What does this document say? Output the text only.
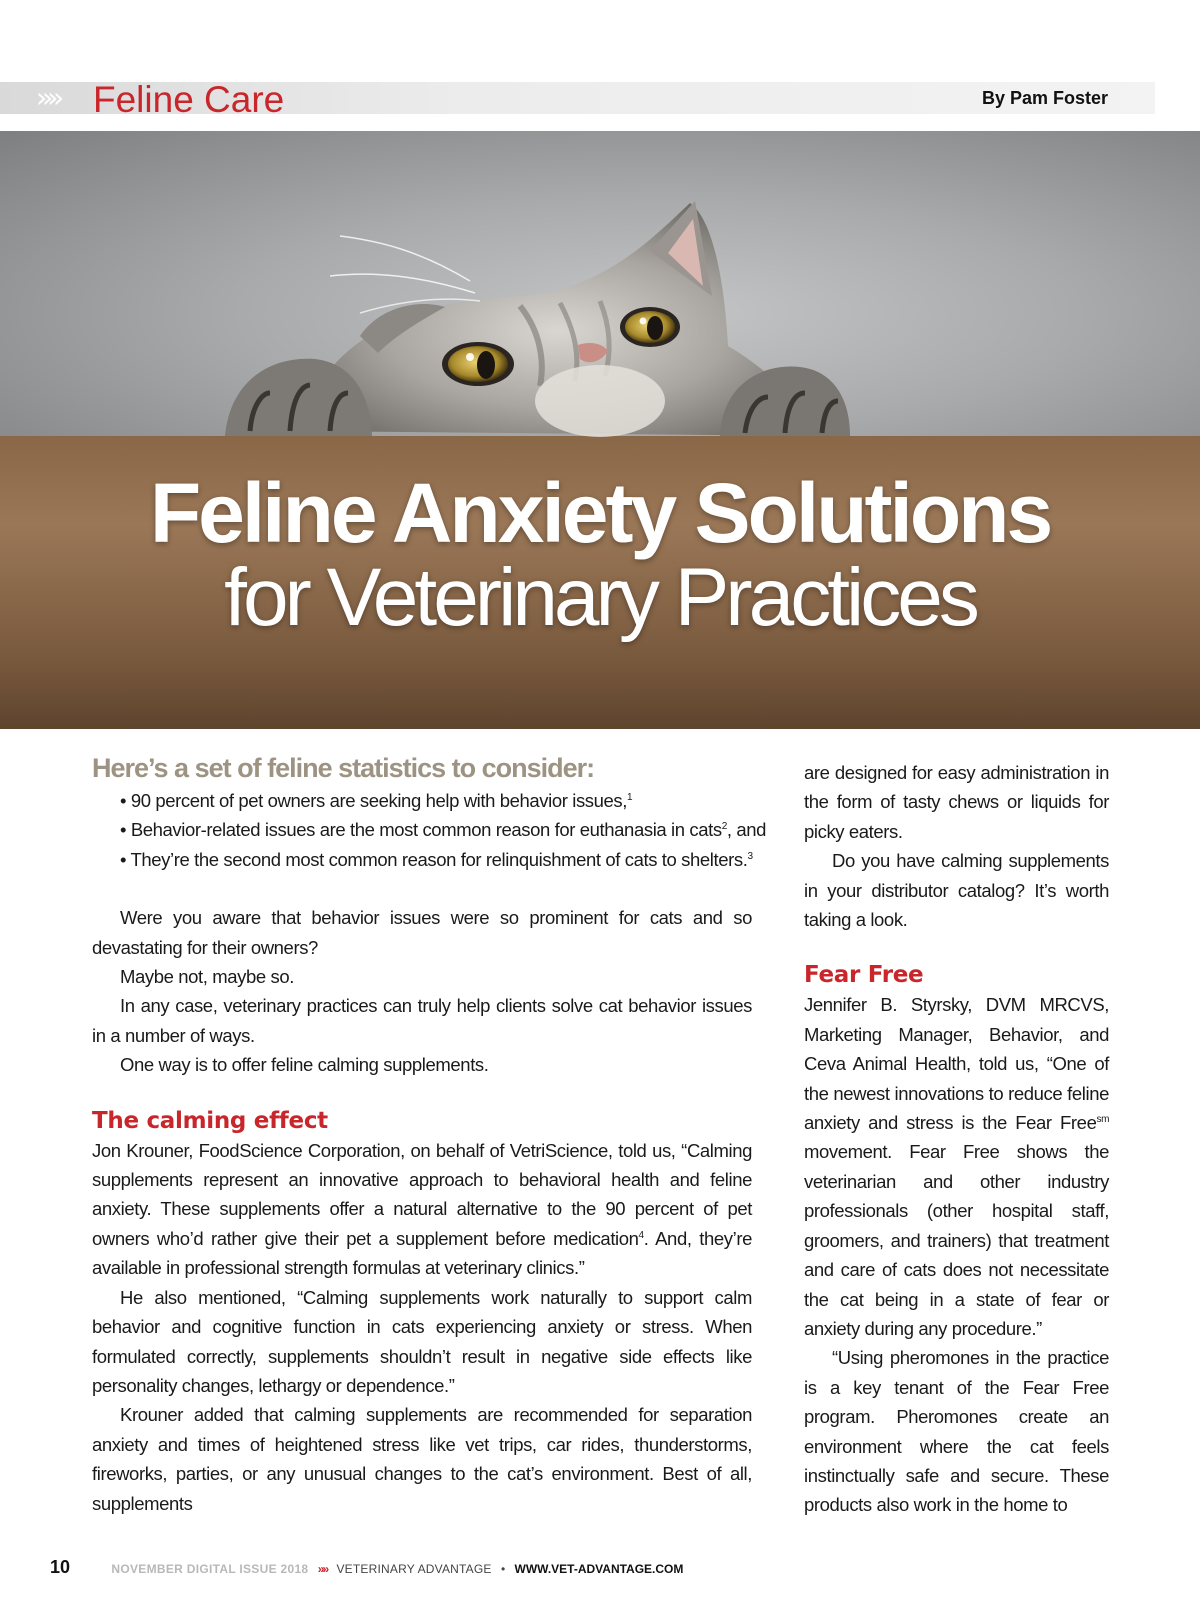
»» Feline Care	By Pam Foster
Feline Anxiety Solutions
for Veterinary Practices
Here’s a set of feline statistics to consider:
• 90 percent of pet owners are seeking help with behavior issues,$^1$
• Behavior-related issues are the most common reason for euthanasia in cats$^2$, and
• They’re the second most common reason for relinquishment of cats to shelters.$^3$

Were you aware that behavior issues were so prominent for cats and so devastating for their owners?

Maybe not, maybe so.

In any case, veterinary practices can truly help clients solve cat behavior issues in a number of ways.

One way is to offer feline calming supplements.

The calming effect

Jon Krouner, FoodScience Corporation, on behalf of VetriScience, told us, “Calming supplements represent an innovative approach to behavioral health and feline anxiety. These supplements offer a natural alternative to the 90 percent of pet owners who’d rather give their pet a supplement before medication$^4$. And, they’re available in professional strength formulas at veterinary clinics.”

He also mentioned, “Calming supplements work naturally to support calm behavior and cognitive function in cats experiencing anxiety or stress. When formulated correctly, supplements shouldn’t result in negative side effects like personality changes, lethargy or dependence.”

Krouner added that calming supplements are recommended for separation anxiety and times of heightened stress like vet trips, car rides, thunderstorms, fireworks, parties, or any unusual changes to the cat’s environment. Best of all, supplements

are designed for easy administration in the form of tasty chews or liquids for picky eaters.

Do you have calming supplements in your distributor catalog? It’s worth taking a look.

Fear Free

Jennifer B. Styrsky, DVM MRCVS, Marketing Manager, Behavior, and Ceva Animal Health, told us, “One of the newest innovations to reduce feline anxiety and stress is the Fear Free$^{sm}$ movement. Fear Free shows the veterinarian and other industry professionals (other hospital staff, groomers, and trainers) that treatment and care of cats does not necessitate the cat being in a state of fear or anxiety during any procedure.”

“Using pheromones in the practice is a key tenant of the Fear Free program. Pheromones create an environment where the cat feels instinctually safe and secure. These products also work in the home to

10	NOVEMBER DIGITAL ISSUE 2018 »» VETERINARY ADVANTAGE • WWW.VET-ADVANTAGE.COM
